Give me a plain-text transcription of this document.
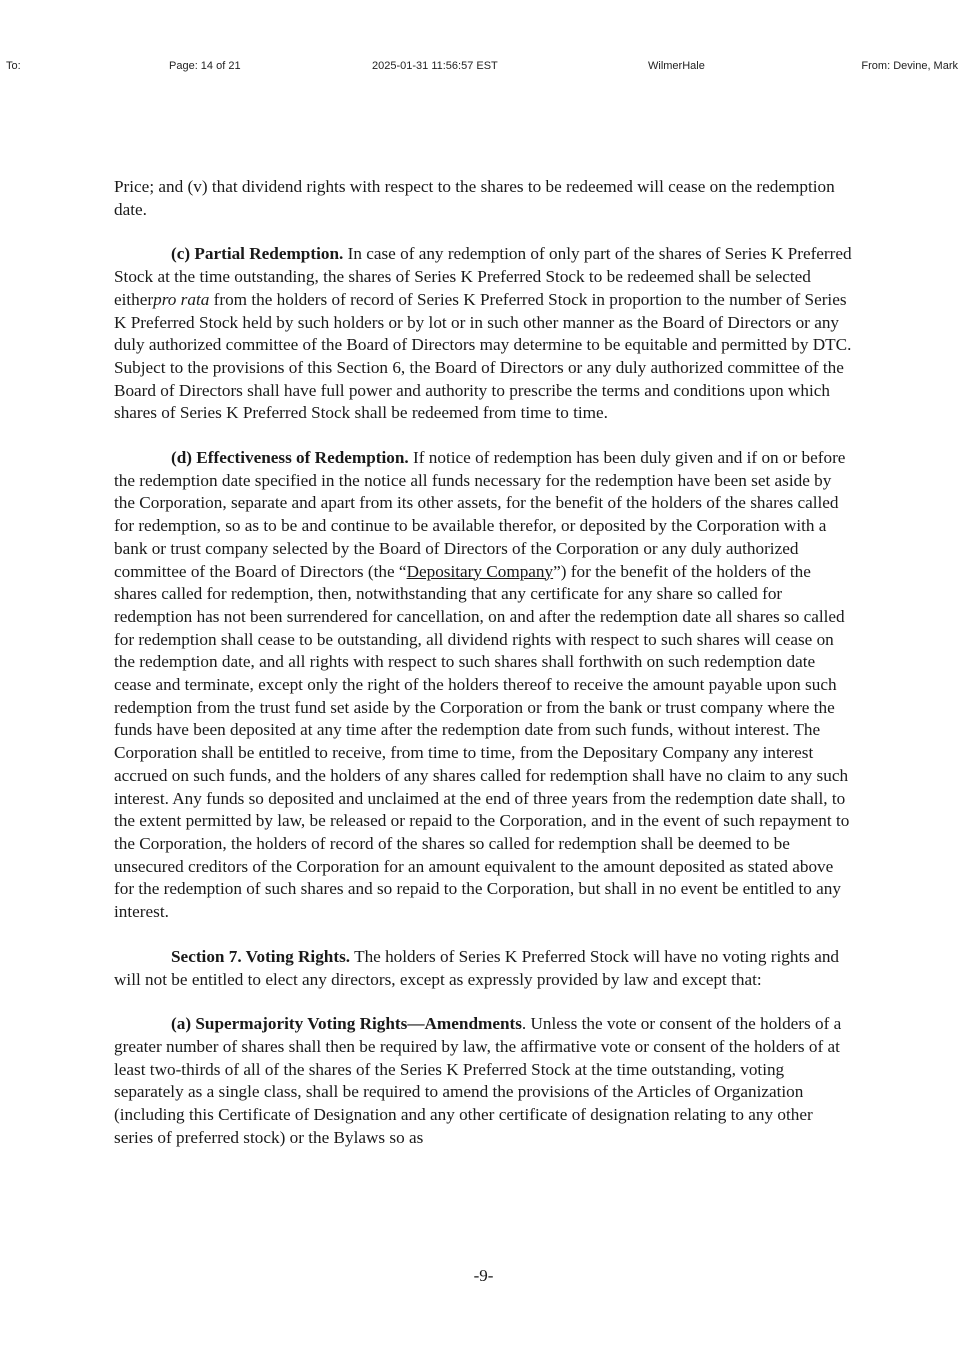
To:	Page: 14 of 21	2025-01-31 11:56:57 EST	WilmerHale	From: Devine, Mark

Price; and (v) that dividend rights with respect to the shares to be redeemed will cease on the redemption date.

(c) Partial Redemption. In case of any redemption of only part of the shares of Series K Preferred Stock at the time outstanding, the shares of Series K Preferred Stock to be redeemed shall be selected eitherpro rata from the holders of record of Series K Preferred Stock in proportion to the number of Series K Preferred Stock held by such holders or by lot or in such other manner as the Board of Directors or any duly authorized committee of the Board of Directors may determine to be equitable and permitted by DTC. Subject to the provisions of this Section 6, the Board of Directors or any duly authorized committee of the Board of Directors shall have full power and authority to prescribe the terms and conditions upon which shares of Series K Preferred Stock shall be redeemed from time to time.

(d) Effectiveness of Redemption. If notice of redemption has been duly given and if on or before the redemption date specified in the notice all funds necessary for the redemption have been set aside by the Corporation, separate and apart from its other assets, for the benefit of the holders of the shares called for redemption, so as to be and continue to be available therefor, or deposited by the Corporation with a bank or trust company selected by the Board of Directors of the Corporation or any duly authorized committee of the Board of Directors (the “Depositary Company”) for the benefit of the holders of the shares called for redemption, then, notwithstanding that any certificate for any share so called for redemption has not been surrendered for cancellation, on and after the redemption date all shares so called for redemption shall cease to be outstanding, all dividend rights with respect to such shares will cease on the redemption date, and all rights with respect to such shares shall forthwith on such redemption date cease and terminate, except only the right of the holders thereof to receive the amount payable upon such redemption from the trust fund set aside by the Corporation or from the bank or trust company where the funds have been deposited at any time after the redemption date from such funds, without interest. The Corporation shall be entitled to receive, from time to time, from the Depositary Company any interest accrued on such funds, and the holders of any shares called for redemption shall have no claim to any such interest. Any funds so deposited and unclaimed at the end of three years from the redemption date shall, to the extent permitted by law, be released or repaid to the Corporation, and in the event of such repayment to the Corporation, the holders of record of the shares so called for redemption shall be deemed to be unsecured creditors of the Corporation for an amount equivalent to the amount deposited as stated above for the redemption of such shares and so repaid to the Corporation, but shall in no event be entitled to any interest.

Section 7. Voting Rights. The holders of Series K Preferred Stock will have no voting rights and will not be entitled to elect any directors, except as expressly provided by law and except that:

(a) Supermajority Voting Rights—Amendments. Unless the vote or consent of the holders of a greater number of shares shall then be required by law, the affirmative vote or consent of the holders of at least two-thirds of all of the shares of the Series K Preferred Stock at the time outstanding, voting separately as a single class, shall be required to amend the provisions of the Articles of Organization (including this Certificate of Designation and any other certificate of designation relating to any other series of preferred stock) or the Bylaws so as

-9-
